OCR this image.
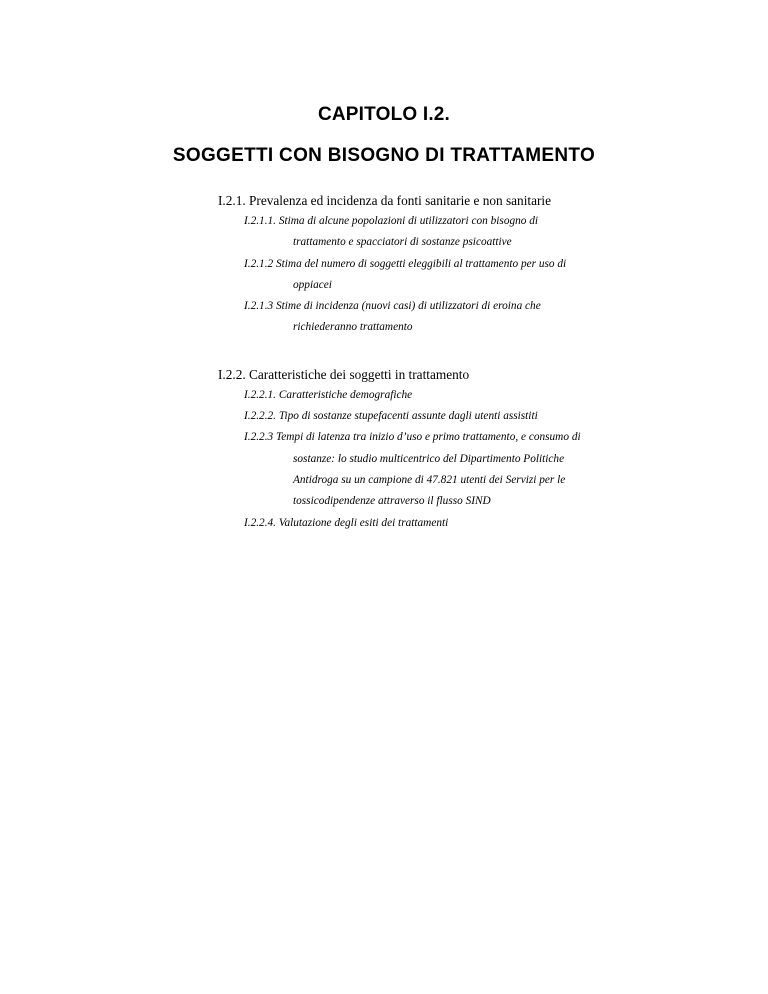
CAPITOLO I.2.
SOGGETTI CON BISOGNO DI TRATTAMENTO

I.2.1. Prevalenza ed incidenza da fonti sanitarie e non sanitarie

I.2.1.1. Stima di alcune popolazioni di utilizzatori con bisogno di
trattamento e spacciatori di sostanze psicoattive
I.2.1.2 Stima del numero di soggetti eleggibili al trattamento per uso di
oppiacei
I.2.1.3 Stime di incidenza (nuovi casi) di utilizzatori di eroina che
richiederanno trattamento

I.2.2. Caratteristiche dei soggetti in trattamento

I.2.2.1. Caratteristiche demografiche
I.2.2.2. Tipo di sostanze stupefacenti assunte dagli utenti assistiti
I.2.2.3 Tempi di latenza tra inizio d’uso e primo trattamento, e consumo di
sostanze: lo studio multicentrico del Dipartimento Politiche
Antidroga su un campione di 47.821 utenti dei Servizi per le
tossicodipendenze attraverso il flusso SIND
I.2.2.4. Valutazione degli esiti dei trattamenti
